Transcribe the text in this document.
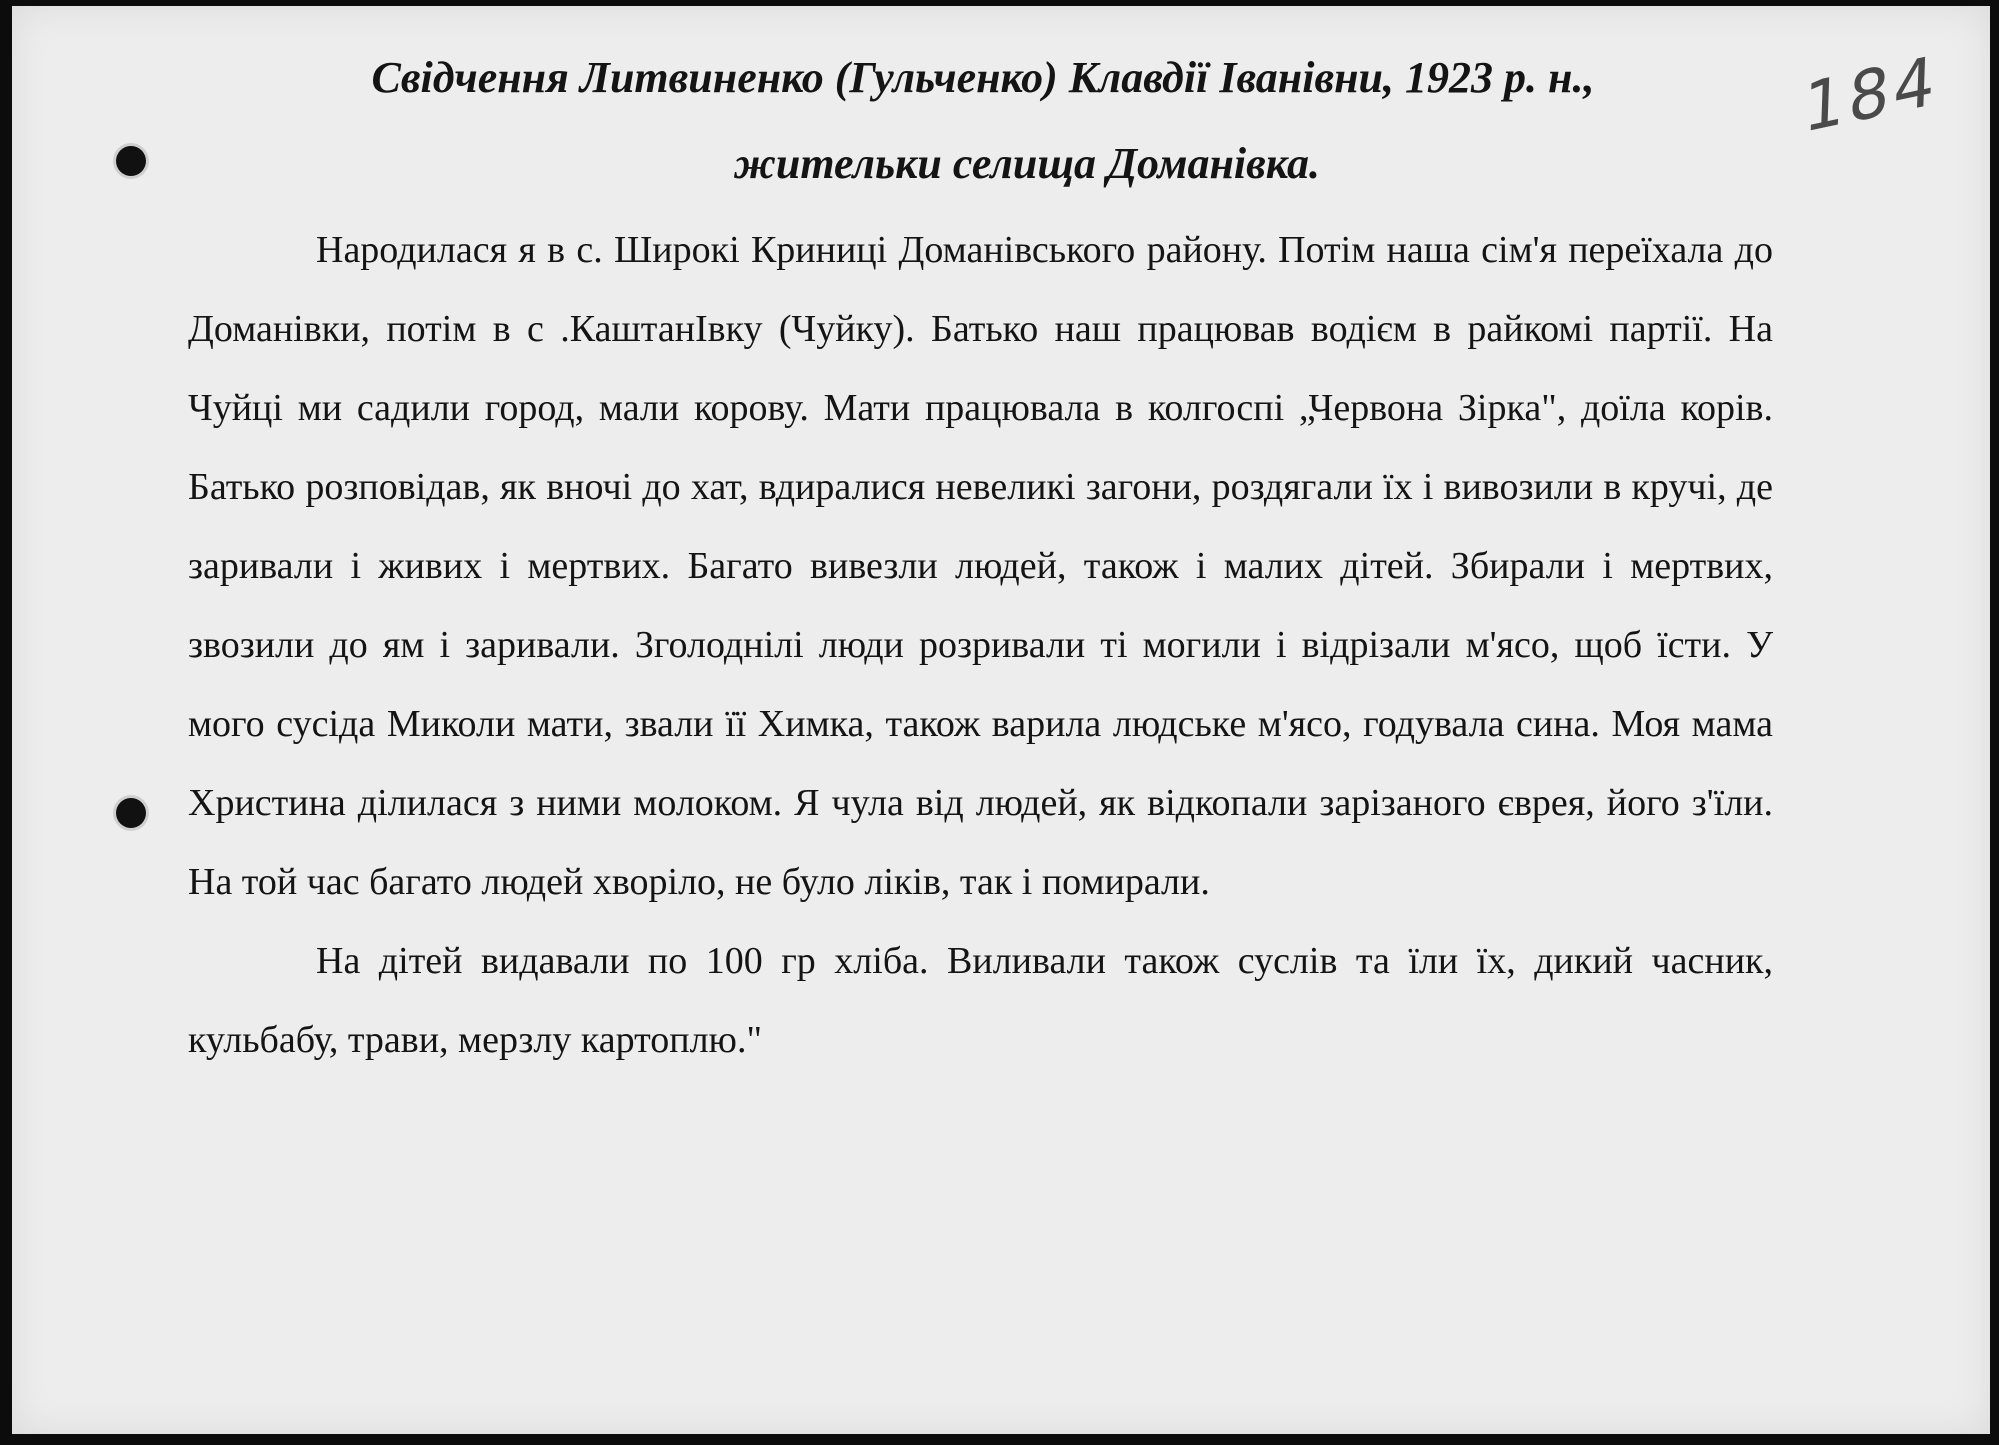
184
Свідчення Литвиненко (Гульченко) Клавдії Іванівни, 1923 р. н.,
жительки селища Доманівка.

Народилася я в с. Широкі Криниці Доманівського району. Потім наша сім'я переїхала до Доманівки, потім в с .КаштанІвку (Чуйку). Батько наш працював водієм в райкомі партії. На Чуйці ми садили город, мали корову. Мати працювала в колгоспі „Червона Зірка", доїла корів. Батько розповідав, як вночі до хат, вдиралися невеликі загони, роздягали їх і вивозили в кручі, де заривали і живих і мертвих. Багато вивезли людей, також і малих дітей. Збирали і мертвих, звозили до ям і заривали. Зголоднілі люди розривали ті могили і відрізали м'ясо, щоб їсти. У мого сусіда Миколи мати, звали її Химка, також варила людське м'ясо, годувала сина. Моя мама Христина ділилася з ними молоком. Я чула від людей, як відкопали зарізаного єврея, його з'їли. На той час багато людей хворіло, не було ліків, так і помирали.

На дітей видавали по 100 гр хліба. Виливали також суслів та їли їх, дикий часник, кульбабу, трави, мерзлу картоплю."
